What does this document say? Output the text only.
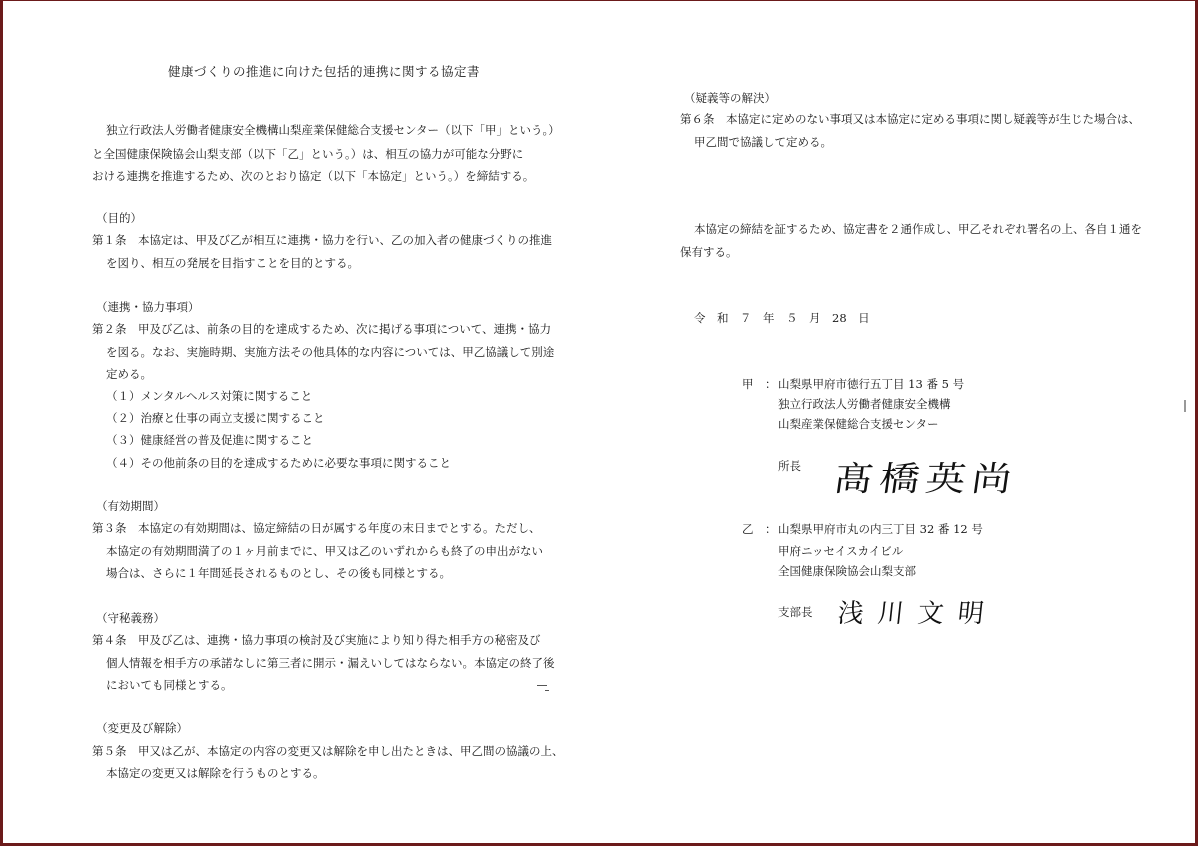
健康づくりの推進に向けた包括的連携に関する協定書
独立行政法人労働者健康安全機構山梨産業保健総合支援センター（以下「甲」という。）
と全国健康保険協会山梨支部（以下「乙」という。）は、相互の協力が可能な分野に
おける連携を推進するため、次のとおり協定（以下「本協定」という。）を締結する。
（目的）
第１条　本協定は、甲及び乙が相互に連携・協力を行い、乙の加入者の健康づくりの推進
を図り、相互の発展を目指すことを目的とする。
（連携・協力事項）
第２条　甲及び乙は、前条の目的を達成するため、次に掲げる事項について、連携・協力
を図る。なお、実施時期、実施方法その他具体的な内容については、甲乙協議して別途
定める。
（１）メンタルヘルス対策に関すること
（２）治療と仕事の両立支援に関すること
（３）健康経営の普及促進に関すること
（４）その他前条の目的を達成するために必要な事項に関すること
（有効期間）
第３条　本協定の有効期間は、協定締結の日が属する年度の末日までとする。ただし、
本協定の有効期間満了の１ヶ月前までに、甲又は乙のいずれからも終了の申出がない
場合は、さらに１年間延長されるものとし、その後も同様とする。
（守秘義務）
第４条　甲及び乙は、連携・協力事項の検討及び実施により知り得た相手方の秘密及び
個人情報を相手方の承諾なしに第三者に開示・漏えいしてはならない。本協定の終了後
においても同様とする。
（変更及び解除）
第５条　甲又は乙が、本協定の内容の変更又は解除を申し出たときは、甲乙間の協議の上、
本協定の変更又は解除を行うものとする。
（疑義等の解決）
第６条　本協定に定めのない事項又は本協定に定める事項に関し疑義等が生じた場合は、
甲乙間で協議して定める。
本協定の締結を証するため、協定書を２通作成し、甲乙それぞれ署名の上、各自１通を
保有する。
令　和　７　年　５　月　28　日
甲　： 山梨県甲府市徳行五丁目 13 番 5 号
独立行政法人労働者健康安全機構
山梨産業保健総合支援センター
所長 髙橋英尚
乙　： 山梨県甲府市丸の内三丁目 32 番 12 号
甲府ニッセイスカイビル
全国健康保険協会山梨支部
支部長 浅川文明
